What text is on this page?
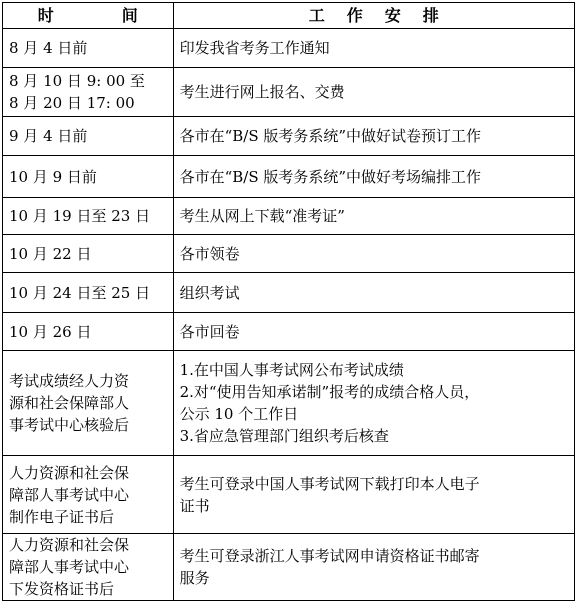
时 间	工 作 安 排

8 月 4 日前	印发我省考务工作通知

8 月 10 日 9: 00 至
8 月 20 日 17: 00	考生进行网上报名、交费

9 月 4 日前	各市在“B/S 版考务系统”中做好试卷预订工作

10 月 9 日前	各市在“B/S 版考务系统”中做好考场编排工作

10 月 19 日至 23 日	考生从网上下载“准考证”

10 月 22 日	各市领卷

10 月 24 日至 25 日	组织考试

10 月 26 日	各市回卷

考试成绩经人力资
源和社会保障部人
事考试中心核验后	1.在中国人事考试网公布考试成绩
2.对“使用告知承诺制”报考的成绩合格人员，
公示 10 个工作日
3.省应急管理部门组织考后核查

人力资源和社会保
障部人事考试中心
制作电子证书后	考生可登录中国人事考试网下载打印本人电子
证书

人力资源和社会保
障部人事考试中心
下发资格证书后	考生可登录浙江人事考试网申请资格证书邮寄
服务
